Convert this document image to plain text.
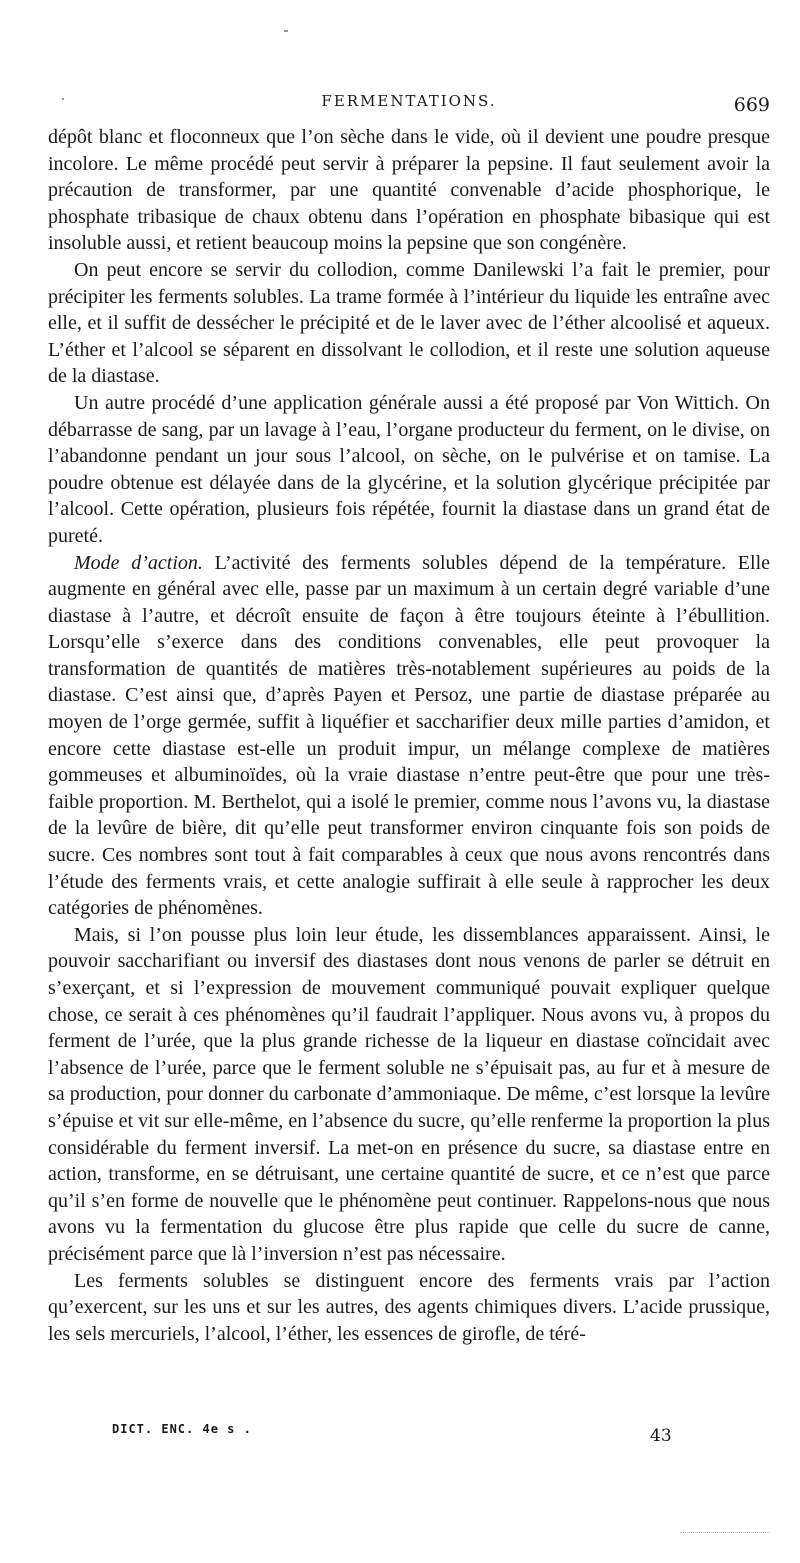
FERMENTATIONS.	669

dépôt blanc et floconneux que l’on sèche dans le vide, où il devient une poudre presque incolore. Le même procédé peut servir à préparer la pepsine. Il faut seulement avoir la précaution de transformer, par une quantité convenable d’acide phosphorique, le phosphate tribasique de chaux obtenu dans l’opération en phosphate bibasique qui est insoluble aussi, et retient beaucoup moins la pepsine que son congénère.

On peut encore se servir du collodion, comme Danilewski l’a fait le premier, pour précipiter les ferments solubles. La trame formée à l’intérieur du liquide les entraîne avec elle, et il suffit de dessécher le précipité et de le laver avec de l’éther alcoolisé et aqueux. L’éther et l’alcool se séparent en dissolvant le collodion, et il reste une solution aqueuse de la diastase.

Un autre procédé d’une application générale aussi a été proposé par Von Wittich. On débarrasse de sang, par un lavage à l’eau, l’organe producteur du ferment, on le divise, on l’abandonne pendant un jour sous l’alcool, on sèche, on le pulvérise et on tamise. La poudre obtenue est délayée dans de la glycérine, et la solution glycérique précipitée par l’alcool. Cette opération, plusieurs fois répétée, fournit la diastase dans un grand état de pureté.

Mode d’action. L’activité des ferments solubles dépend de la température. Elle augmente en général avec elle, passe par un maximum à un certain degré variable d’une diastase à l’autre, et décroît ensuite de façon à être toujours éteinte à l’ébullition. Lorsqu’elle s’exerce dans des conditions convenables, elle peut provoquer la transformation de quantités de matières très-notablement supérieures au poids de la diastase. C’est ainsi que, d’après Payen et Persoz, une partie de diastase préparée au moyen de l’orge germée, suffit à liquéfier et saccharifier deux mille parties d’amidon, et encore cette diastase est-elle un produit impur, un mélange complexe de matières gommeuses et albuminoïdes, où la vraie diastase n’entre peut-être que pour une très-faible proportion. M. Berthelot, qui a isolé le premier, comme nous l’avons vu, la diastase de la levûre de bière, dit qu’elle peut transformer environ cinquante fois son poids de sucre. Ces nombres sont tout à fait comparables à ceux que nous avons rencontrés dans l’étude des ferments vrais, et cette analogie suffirait à elle seule à rapprocher les deux catégories de phénomènes.

Mais, si l’on pousse plus loin leur étude, les dissemblances apparaissent. Ainsi, le pouvoir saccharifiant ou inversif des diastases dont nous venons de parler se détruit en s’exerçant, et si l’expression de mouvement communiqué pouvait expliquer quelque chose, ce serait à ces phénomènes qu’il faudrait l’appliquer. Nous avons vu, à propos du ferment de l’urée, que la plus grande richesse de la liqueur en diastase coïncidait avec l’absence de l’urée, parce que le ferment soluble ne s’épuisait pas, au fur et à mesure de sa production, pour donner du carbonate d’ammoniaque. De même, c’est lorsque la levûre s’épuise et vit sur elle-même, en l’absence du sucre, qu’elle renferme la proportion la plus considérable du ferment inversif. La met-on en présence du sucre, sa diastase entre en action, transforme, en se détruisant, une certaine quantité de sucre, et ce n’est que parce qu’il s’en forme de nouvelle que le phénomène peut continuer. Rappelons-nous que nous avons vu la fermentation du glucose être plus rapide que celle du sucre de canne, précisément parce que là l’inversion n’est pas nécessaire.

Les ferments solubles se distinguent encore des ferments vrais par l’action qu’exercent, sur les uns et sur les autres, des agents chimiques divers. L’acide prussique, les sels mercuriels, l’alcool, l’éther, les essences de girofle, de téré-

DICT. ENC. 4e s .	43
